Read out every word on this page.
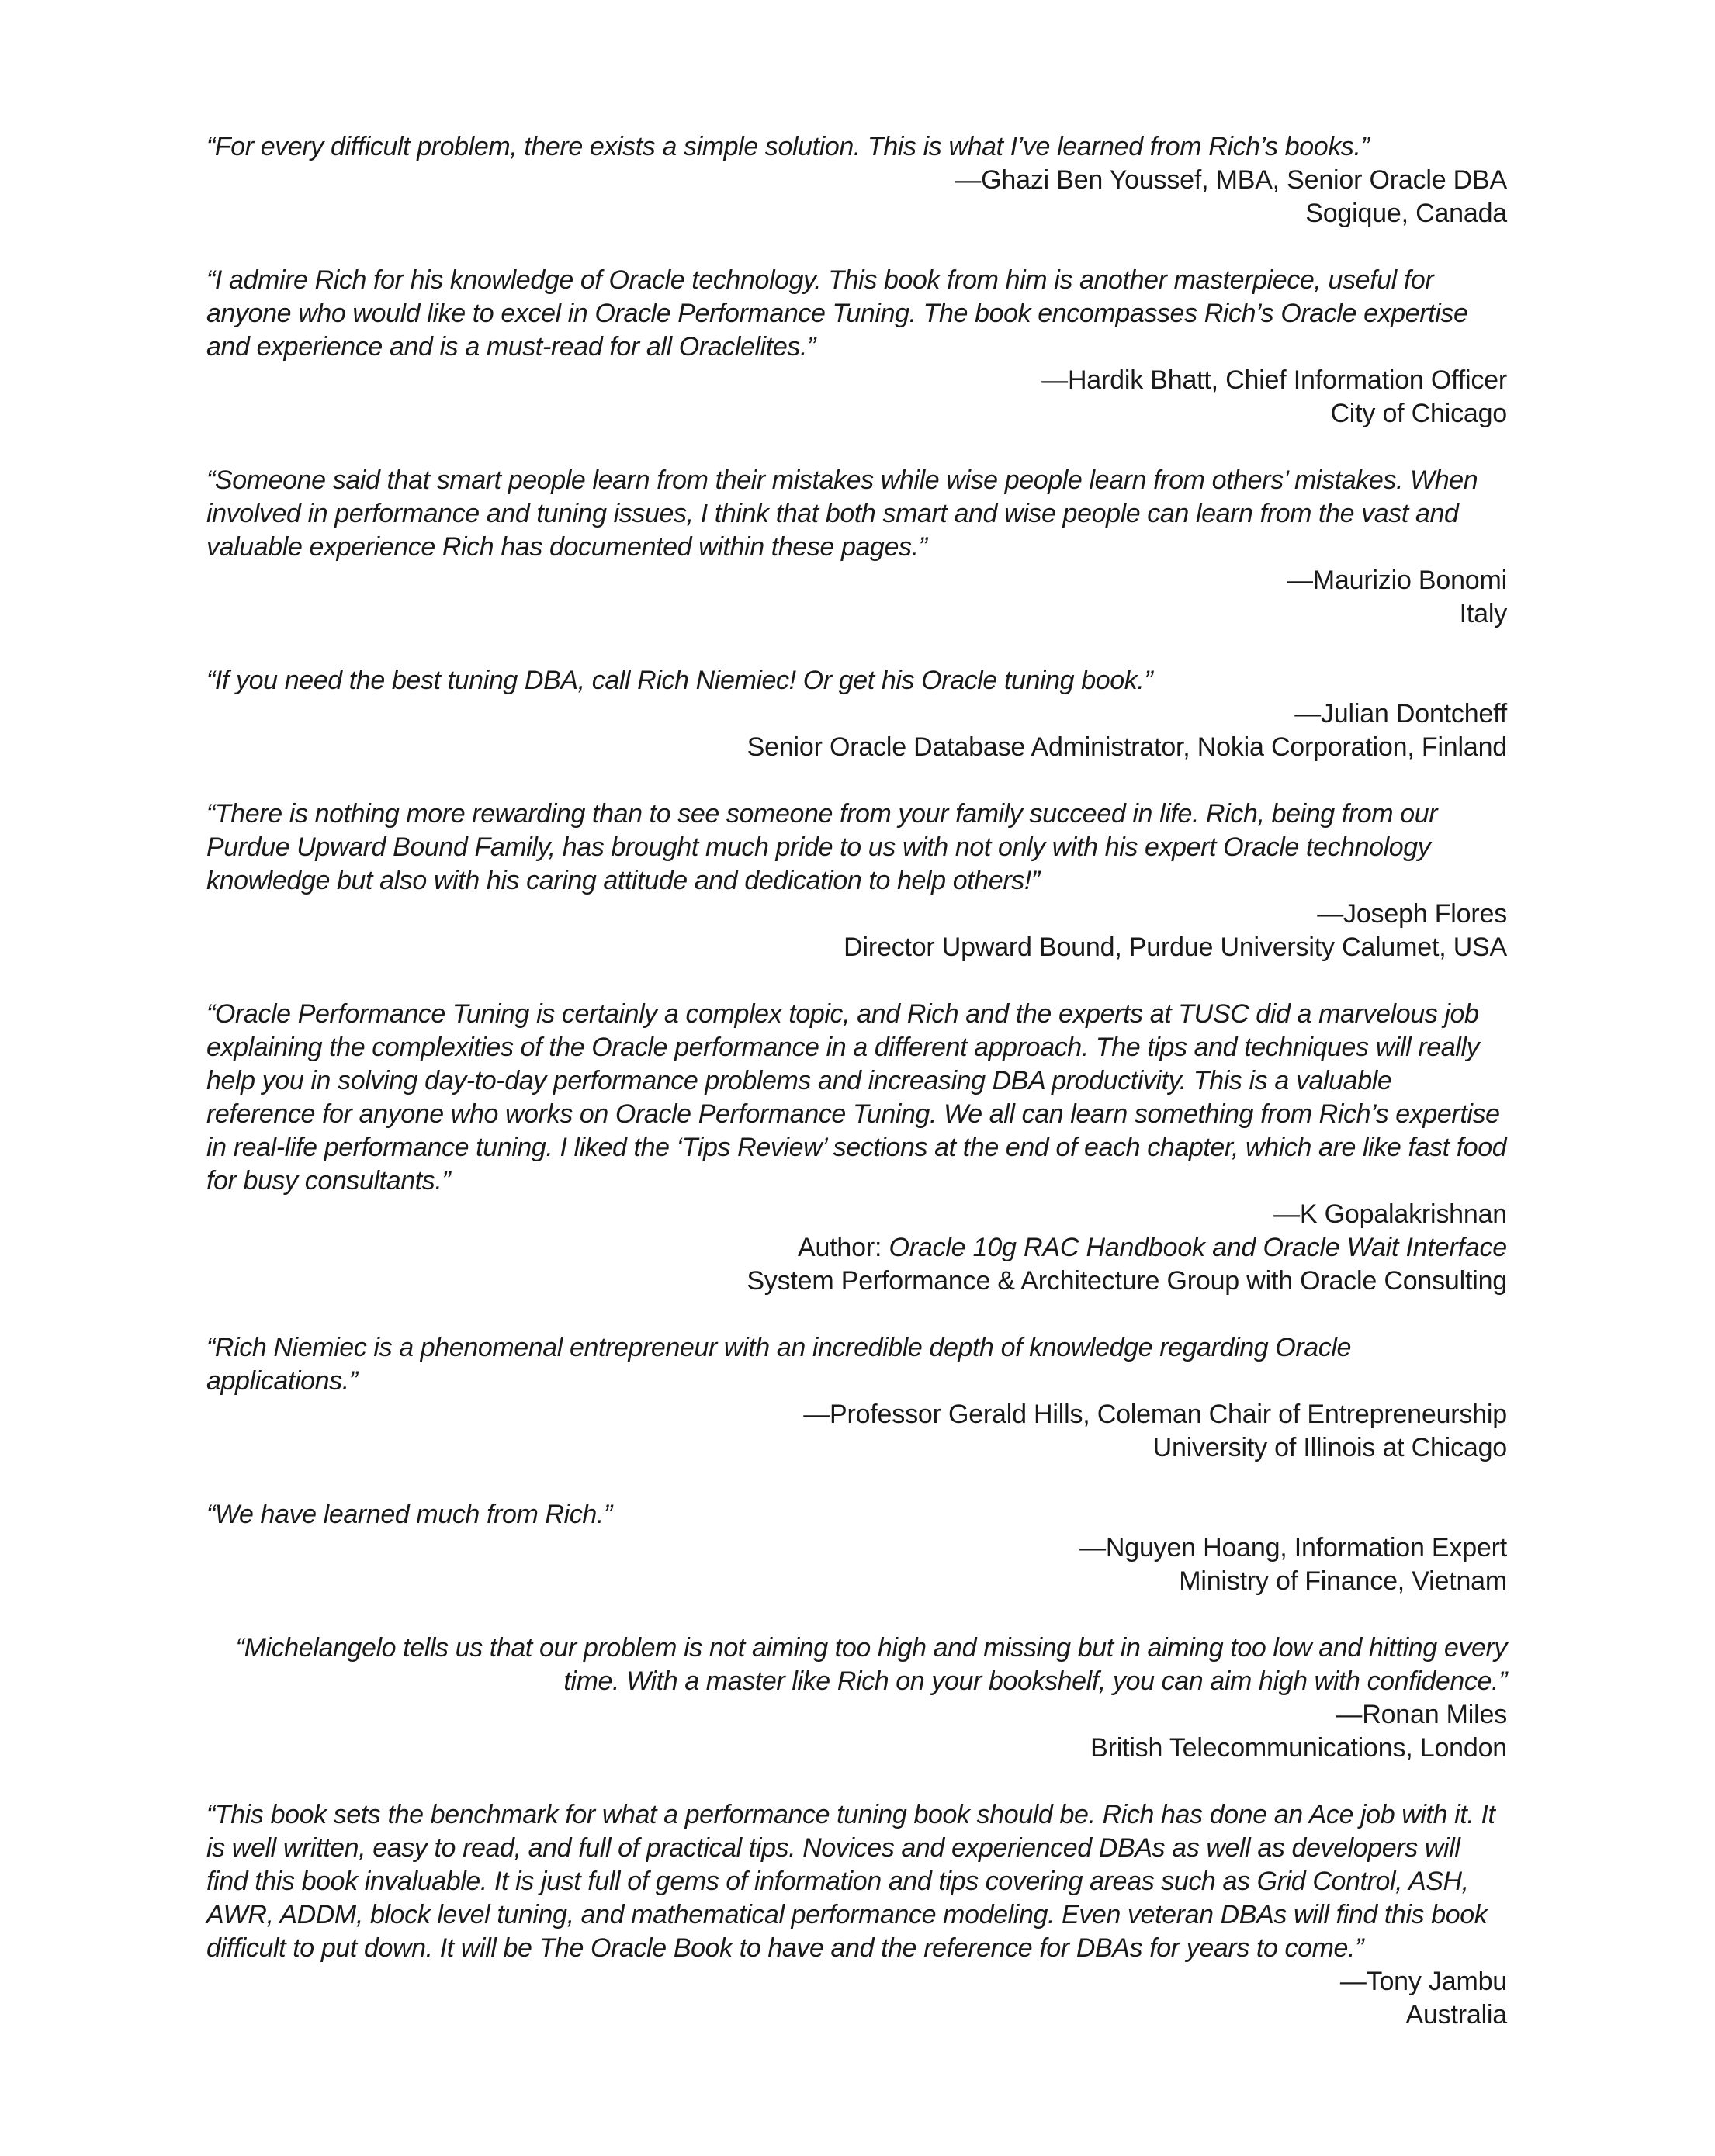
“For every difficult problem, there exists a simple solution. This is what I’ve learned from Rich’s books.”

—Ghazi Ben Youssef, MBA, Senior Oracle DBA

Sogique, Canada

“I admire Rich for his knowledge of Oracle technology. This book from him is another masterpiece, useful for anyone who would like to excel in Oracle Performance Tuning. The book encompasses Rich’s Oracle expertise and experience and is a must-read for all Oraclelites.”

—Hardik Bhatt, Chief Information Officer

City of Chicago

“Someone said that smart people learn from their mistakes while wise people learn from others’ mistakes. When involved in performance and tuning issues, I think that both smart and wise people can learn from the vast and valuable experience Rich has documented within these pages.”

—Maurizio Bonomi

Italy

“If you need the best tuning DBA, call Rich Niemiec! Or get his Oracle tuning book.”

—Julian Dontcheff

Senior Oracle Database Administrator, Nokia Corporation, Finland

“There is nothing more rewarding than to see someone from your family succeed in life. Rich, being from our Purdue Upward Bound Family, has brought much pride to us with not only with his expert Oracle technology knowledge but also with his caring attitude and dedication to help others!”

—Joseph Flores

Director Upward Bound, Purdue University Calumet, USA

“Oracle Performance Tuning is certainly a complex topic, and Rich and the experts at TUSC did a marvelous job explaining the complexities of the Oracle performance in a different approach. The tips and techniques will really help you in solving day-to-day performance problems and increasing DBA productivity. This is a valuable reference for anyone who works on Oracle Performance Tuning. We all can learn something from Rich’s expertise in real-life performance tuning. I liked the ‘Tips Review’ sections at the end of each chapter, which are like fast food for busy consultants.”

—K Gopalakrishnan

Author: Oracle 10g RAC Handbook and Oracle Wait Interface

System Performance & Architecture Group with Oracle Consulting

“Rich Niemiec is a phenomenal entrepreneur with an incredible depth of knowledge regarding Oracle applications.”

—Professor Gerald Hills, Coleman Chair of Entrepreneurship

University of Illinois at Chicago

“We have learned much from Rich.”

—Nguyen Hoang, Information Expert

Ministry of Finance, Vietnam

“Michelangelo tells us that our problem is not aiming too high and missing but in aiming too low and hitting every time. With a master like Rich on your bookshelf, you can aim high with confidence.”

—Ronan Miles

British Telecommunications, London

“This book sets the benchmark for what a performance tuning book should be. Rich has done an Ace job with it. It is well written, easy to read, and full of practical tips. Novices and experienced DBAs as well as developers will find this book invaluable. It is just full of gems of information and tips covering areas such as Grid Control, ASH, AWR, ADDM, block level tuning, and mathematical performance modeling. Even veteran DBAs will find this book difficult to put down. It will be The Oracle Book to have and the reference for DBAs for years to come.”

—Tony Jambu

Australia
